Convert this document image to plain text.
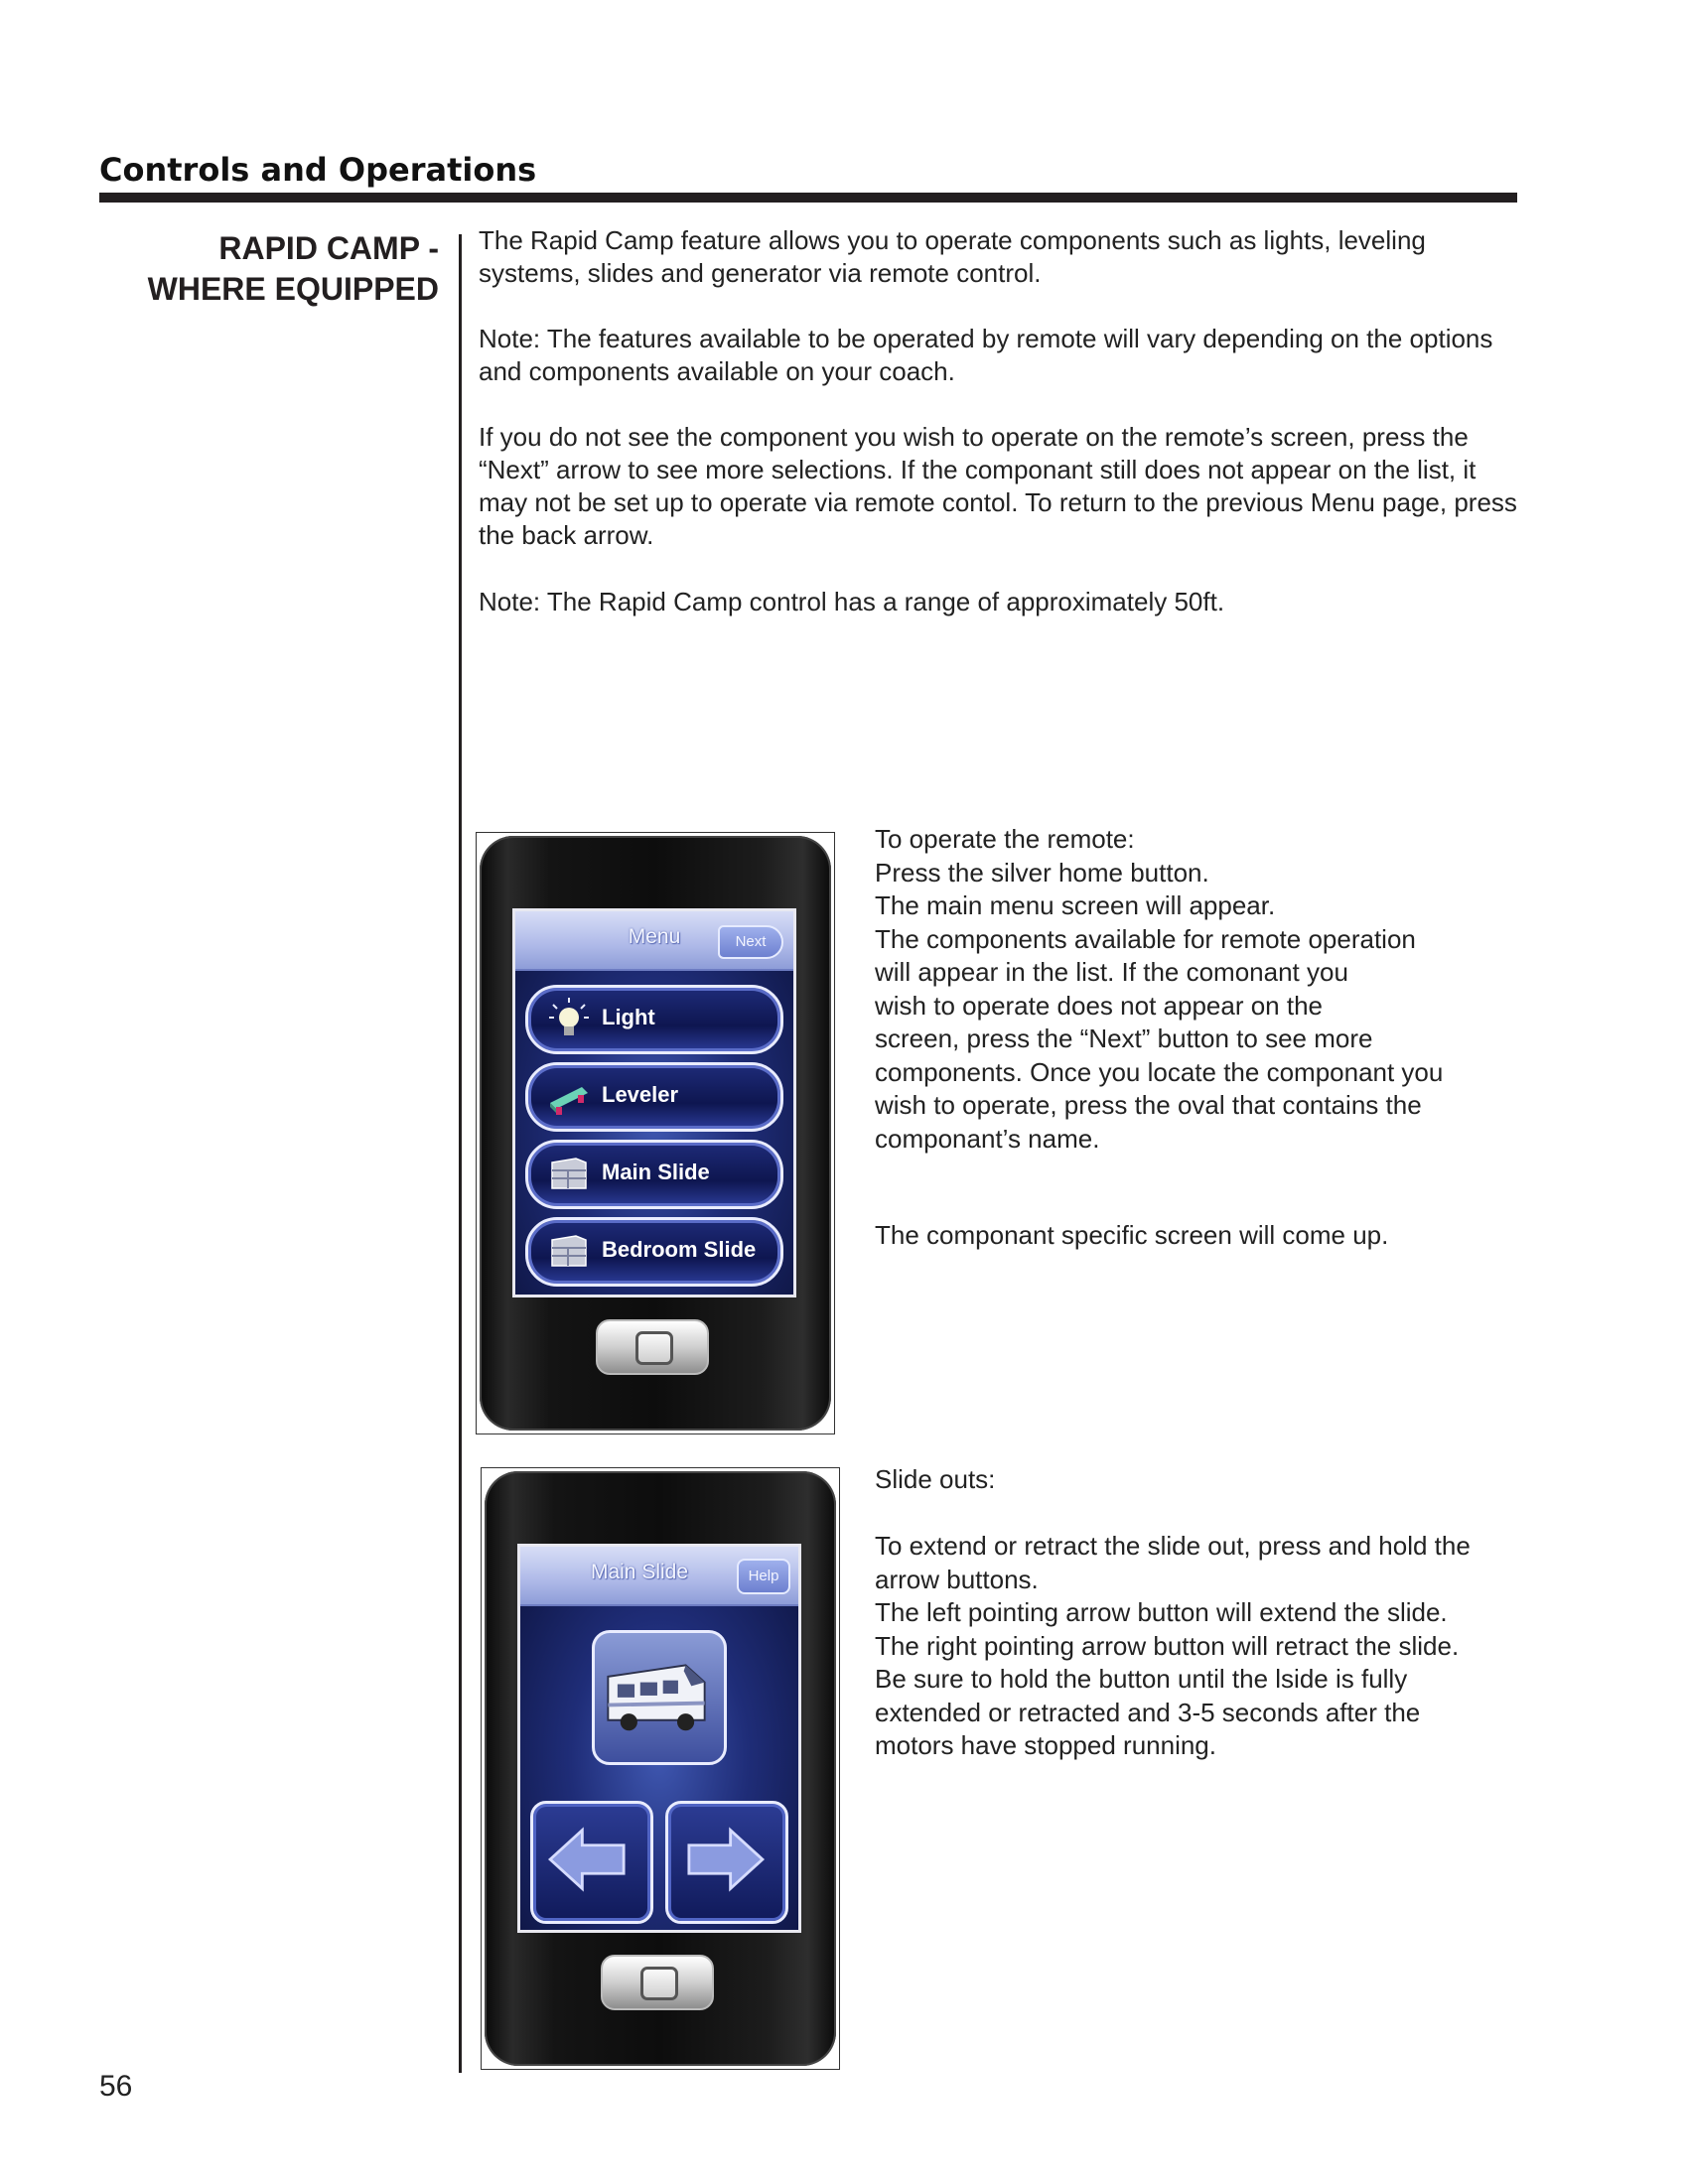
Controls and Operations
RAPID CAMP -
WHERE EQUIPPED

The Rapid Camp feature allows you to operate components such as lights, leveling systems, slides and generator via remote control.

Note: The features available to be operated by remote will vary depending on the options and components available on your coach.

If you do not see the component you wish to operate on the remote’s screen, press the “Next” arrow to see more selections. If the componant still does not appear on the list, it may not be set up to operate via remote contol. To return to the previous Menu page, press the back arrow.

Note: The Rapid Camp control has a range of approximately 50ft.

Menu	Next
Light
Leveler
Main Slide
Bedroom Slide

To operate the remote:

Press the silver home button.

The main menu screen will appear.

The components available for remote operation

will appear in the list. If the comonant you

wish to operate does not appear on the

screen, press the “Next” button to see more

components. Once you locate the componant you

wish to operate, press the oval that contains the

componant’s name.

The componant specific screen will come up.

Main Slide	Help

Slide outs:

To extend or retract the slide out, press and hold the

arrow buttons.

The left pointing arrow button will extend the slide.

The right pointing arrow button will retract the slide.

Be sure to hold the button until the lside is fully

extended or retracted and 3-5 seconds after the

motors have stopped running.

56
